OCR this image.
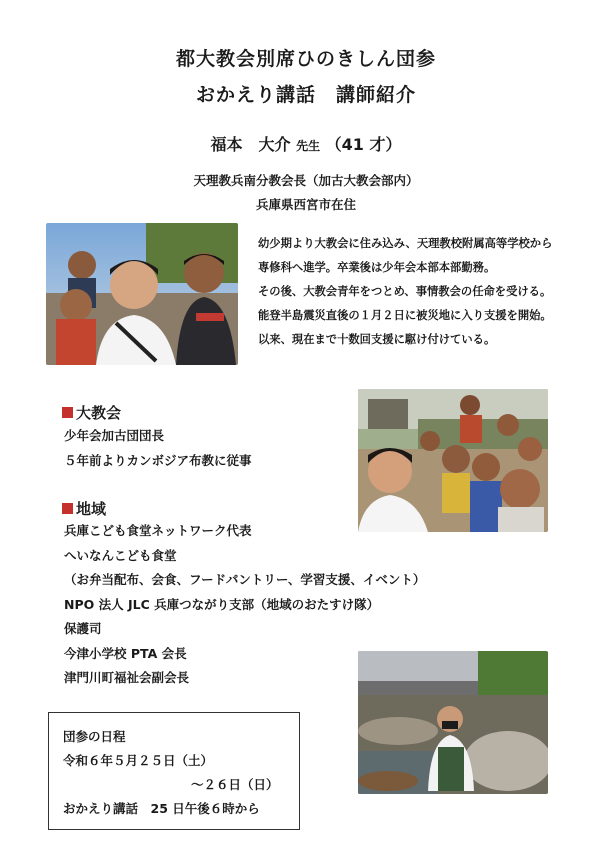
都大教会別席ひのきしん団参
おかえり講話　講師紹介
福本　大介 先生 （41 才）
天理教兵南分教会長（加古大教会部内）
兵庫県西宮市在住
幼少期より大教会に住み込み、天理教校附属高等学校から
専修科へ進学。卒業後は少年会本部本部勤務。
その後、大教会青年をつとめ、事情教会の任命を受ける。
能登半島震災直後の１月２日に被災地に入り支援を開始。
以来、現在まで十数回支援に駆け付けている。
大教会
少年会加古団団長
５年前よりカンボジア布教に従事
地域
兵庫こども食堂ネットワーク代表
へいなんこども食堂
（お弁当配布、会食、フードパントリー、学習支援、イベント）
NPO 法人 JLC 兵庫つながり支部（地域のおたすけ隊）
保護司
今津小学校 PTA 会長
津門川町福祉会副会長
団参の日程
令和６年５月２５日（土）
～２６日（日）
おかえり講話　25 日午後６時から
